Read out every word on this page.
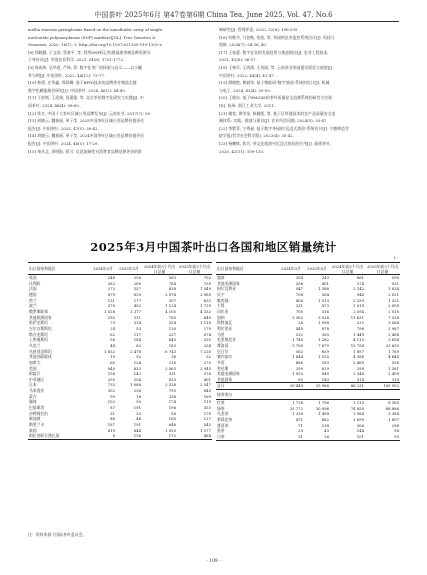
中国茶叶 2025年6月 第47卷第6期 China Tea, June 2025, Vol. 47, No.6
mellia sinensis germplasms based on the nanofluidic array of single-
nucleotide polymorphisms (SNP) markers[JOL]. Tree Genetics &
Genomes, 2020, 16(1): 3. http://doi.org/10.1007/s11295-019-1392-z.
[8] 郑晓静, 于文涛, 蔡春平, 等. 利用SNP标记构建福建茶树品种资源分
子身份证[J]. 中国农业科学, 2021, 54(8): 1751-1772.
[9] 周成伟, 吴华进, 严坤, 等. 数字化茶厂的探索与启示——以小罐
茶为例[J]. 中国茶叶, 2022, 44(12): 73-77.
[10] 林勇, 庄华鑫, 郑琼琳. 基于RFID技术的品牌茶业物流全链
数字化赋能路径研究[J]. 中国茶叶, 2024, 46(2): 44-49.
[11] 王梓嫣, 王武娟, 田潇俊, 等. 北京茶馆数字化研究与实践[J]. 中
国茶叶, 2024, 46(4): 58-65.
[12] 佚名. 中国十大茶叶区域公用品牌发布[J]. 云南农业, 2017(7): 95.
[13] 胡晓云, 魏春丽, 单子莹. 2025中国茶叶区域公用品牌价值评估
报告[J]. 中国茶叶, 2025, 47(5): 30-42.
[14] 胡晓云, 魏春丽, 单子莹. 2024中国茶叶区域公用品牌价值评估
报告[J]. 中国茶叶, 2024, 46(5): 17-29.
[15] 单从文, 余明阳, 薛可. 自意流畅性对消费者品牌延伸评价的影
响研究[J]. 管理评论, 2020, 32(6): 196-205.
[16] 何惟丹, 马登秋, 张凯, 等. 茶园病虫害监控系统设计[J]. 科技与
创新, 2024(7): 34-36, 40.
[17] 王家蕾. 数字农业的发展趋势与推进路径[J]. 农业工程技术,
2021, 41(6): 36-37.
[18] 王林军, 王鸿翔, 王茂丽, 等. 云南茶业茶园建设现状与展望[J].
中国茶叶, 2022, 44(4): 41-47.
[19] 谭晓艳, 黄斌荣. 基于物联网"数字茶园"系统的设计[J]. 机械
与电子, 2024, 42(4): 55-59.
[20] 王晓东. 基于WebGIS的茶叶质量安全追溯系统的研究与实现
[D]. 杭州: 浙江工业大学, 2011.
[21] 谢宽, 黄翠金, 陈颖熙, 等. 基于区块链技术的农产品质量安全追
溯体系: 实践、挑战与建议[J]. 农业经济问题, 2024(5): 33-47.
[22] 李紫菲, 宁秀福. 基于数字茶园的"沉浸式体验"系统设计[J]. 宁德师范学
院学报(哲学社会科学版), 2023(4): 35-42.
[23] 杨鹏辉, 焦巧. 茶文化旅游中沉浸式体验的应用[J]. 福建茶叶,
2020, 42(11): 109-110.
2025年3月中国茶叶出口各国和地区销量统计
t
出口国家和地区	2024年3月	2025年3月	2024年前3个月出口总量	2025年前3个月出口总量
英国	248	256	563	702
比利时	282	260	784	750
法国	272	357	838	1 049
德国	879	839	2 074	2 989
荷兰	131	177	397	632
波兰	378	402	1 124	1 739
俄罗斯联邦	1 528	1 377	4 105	4 332
其他欧洲国家	292	311	765	649
哈萨克斯坦	73	314	354	1 118
吉尔吉斯斯坦	24	53	120	179
塔吉克斯坦	62	117	227	674
土库曼斯坦	56	184	643	335
乌克兰	44	62	183	254
乌兹别克斯坦	1 852	2 478	6 743	7 220
其他苏联联体	19	32	36	32
加拿大	60	124	216	275
美国	940	652	2 563	2 943
阿富汗	156	142	331	376
中亚地区	295	254	933	801
日本	733	1 088	2 538	2 547
马来西亚	302	238	795	840
蒙古	95	16	338	169
缅甸	102	95	174	119
巴基斯坦	87	191	196	355
沙特阿拉伯	31	33	56	179
新加坡	88	46	160	127
斯里兰卡	187	191	646	545
泰国	819	644	1 950	1 577
阿拉伯联合酋长国	8	136	172	464
出口国家和地区	2024年3月	2025年3月	2024年前3个月出口总量	2025年前3个月出口总量
越南	354	243	861	590
其他亚洲国家	206	401	574	921
阿尔及利亚	547	1 388	2 142	3 834
贝宁	706	564	946	2 021
喀麦隆	408	1 013	2 339	1 521
乍得	231	873	1 019	2 009
冈比亚	705	516	2 594	2 015
加纳	3 362	3 028	11 631	7 528
科特迪瓦	26	1 098	232	3 064
利比里亚	449	878	798	2 987
马里	532	363	1 449	2 468
毛里塔尼亚	1 749	1 282	4 115	3 694
摩洛哥	5 700	7 679	15 794	23 633
尼日尔	582	859	1 897	1 769
塞内加尔	1 644	1 525	4 388	4 645
多哥	886	183	2 469	556
突尼斯	299	619	299	1 381
其他非洲国家	1 055	840	2 346	2 409
其他国家	65	143	314	316
总计	29 449	35 966	86 231	100 952
按茶类分				
红茶	1 728	1 796	3 115	6 363
绿茶	25 772	30 996	74 850	88 886
乌龙茶	1 338	1 490	3 984	3 384
茉莉花茶	471	662	1 699	1 807
普洱茶	71	138	306	296
黑茶	29	43	144	98
白茶	31	26	101	95
注：资料来源于国际茶叶委员会。
· 109 ·
